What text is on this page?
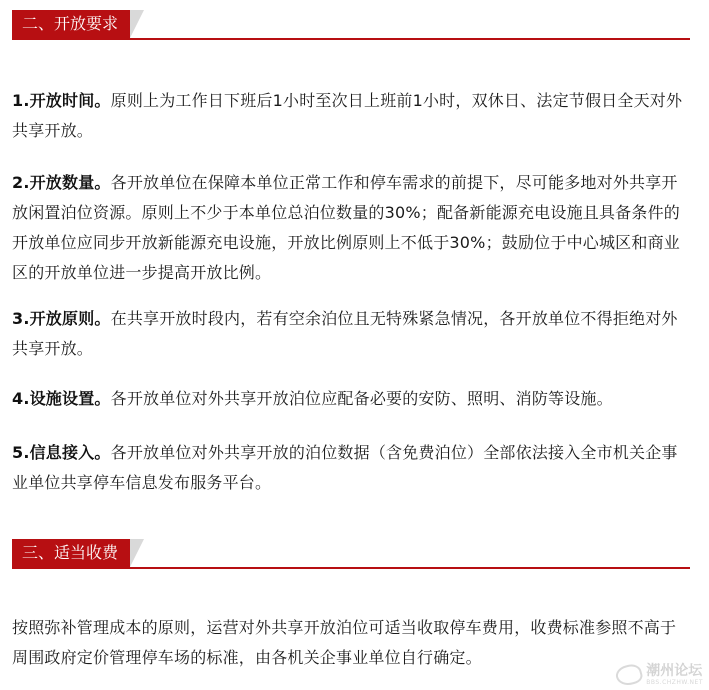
二、开放要求

1.开放时间。原则上为工作日下班后1小时至次日上班前1小时，双休日、法定节假日全天对外共享开放。

2.开放数量。各开放单位在保障本单位正常工作和停车需求的前提下，尽可能多地对外共享开放闲置泊位资源。原则上不少于本单位总泊位数量的30%；配备新能源充电设施且具备条件的开放单位应同步开放新能源充电设施，开放比例原则上不低于30%；鼓励位于中心城区和商业区的开放单位进一步提高开放比例。

3.开放原则。在共享开放时段内，若有空余泊位且无特殊紧急情况，各开放单位不得拒绝对外共享开放。

4.设施设置。各开放单位对外共享开放泊位应配备必要的安防、照明、消防等设施。

5.信息接入。各开放单位对外共享开放的泊位数据（含免费泊位）全部依法接入全市机关企事业单位共享停车信息发布服务平台。

三、适当收费

按照弥补管理成本的原则，运营对外共享开放泊位可适当收取停车费用，收费标准参照不高于周围政府定价管理停车场的标准，由各机关企事业单位自行确定。

潮州论坛
BBS.CHZHW.NET
